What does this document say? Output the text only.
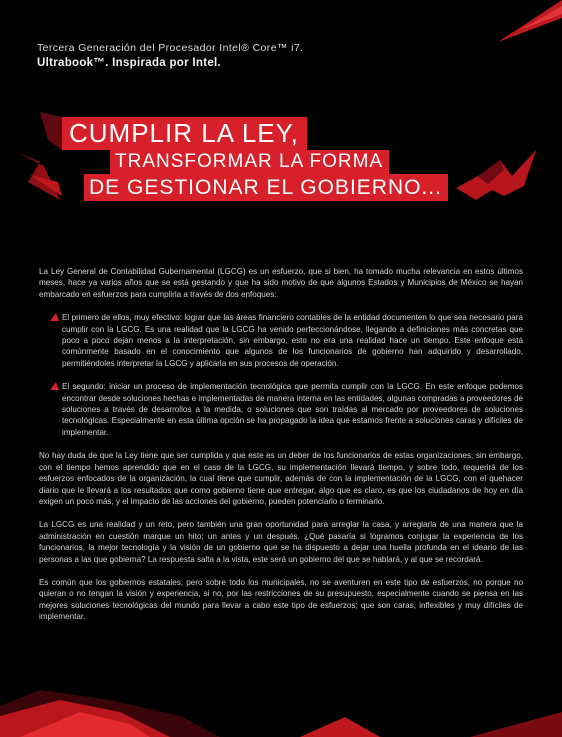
Tercera Generación del Procesador Intel® Core™ i7.
Ultrabook™. Inspirada por Intel.
CUMPLIR LA LEY,
TRANSFORMAR LA FORMA
DE GESTIONAR EL GOBIERNO...

La Ley General de Contabilidad Gubernamental (LGCG) es un esfuerzo, que si bien, ha tomado mucha relevancia en estos últimos meses, hace ya varios años que se está gestando y que ha sido motivo de que algunos Estados y Municipios de México se hayan embarcado en esfuerzos para cumplirla a través de dos enfoques:

El primero de ellos, muy efectivo: lograr que las áreas financiero contables de la entidad documenten lo que sea necesario para cumplir con la LGCG. Es una realidad que la LGCG ha venido perfeccionándose, llegando a definiciones más concretas que poco a poco dejan menos a la interpretación, sin embargo, esto no era una realidad hace un tiempo. Este enfoque está comúnmente basado en el conocimiento que algunos de los funcionarios de gobierno han adquirido y desarrollado, permitiéndoles interpretar la LGCG y aplicarla en sus procesos de operación.
El segundo: iniciar un proceso de implementación tecnológica que permita cumplir con la LGCG. En este enfoque podemos encontrar desde soluciones hechas e implementadas de manera interna en las entidades, algunas compradas a proveedores de soluciones a través de desarrollos a la medida, o soluciones que son traídas al mercado por proveedores de soluciones tecnológicas. Especialmente en esta última opción se ha propagado la idea que estamos frente a soluciones caras y difíciles de implementar.

No hay duda de que la Ley tiene que ser cumplida y que este es un deber de los funcionarios de estas organizaciones, sin embargo, con el tiempo hemos aprendido que en el caso de la LGCG, su implementación llevará tiempo, y sobre todo, requerirá de los esfuerzos enfocados de la organización, la cual tiene que cumplir, además de con la implementación de la LGCG, con el quehacer diario que le llevará a los resultados que como gobierno tiene que entregar, algo que es claro, es que los ciudadanos de hoy en día exigen un poco más, y el impacto de las acciones del gobierno, pueden potenciarlo o terminarlo.

La LGCG es una realidad y un reto, pero también una gran oportunidad para arreglar la casa, y arreglarla de una manera que la administración en cuestión marque un hito; un antes y un después. ¿Qué pasaría si logramos conjugar la experiencia de los funcionarios, la mejor tecnología y la visión de un gobierno que se ha dispuesto a dejar una huella profunda en el ideario de las personas a las que gobierna? La respuesta salta a la vista, este será un gobierno del que se hablará, y al que se recordará.

Es común que los gobiernos estatales, pero sobre todo los municipales, no se aventuren en este tipo de esfuerzos, no porque no quieran o no tengan la visión y experiencia, si no, por las restricciones de su presupuesto, especialmente cuando se piensa en las mejores soluciones tecnológicas del mundo para llevar a cabo este tipo de esfuerzos; que son caras, inflexibles y muy difíciles de implementar.
